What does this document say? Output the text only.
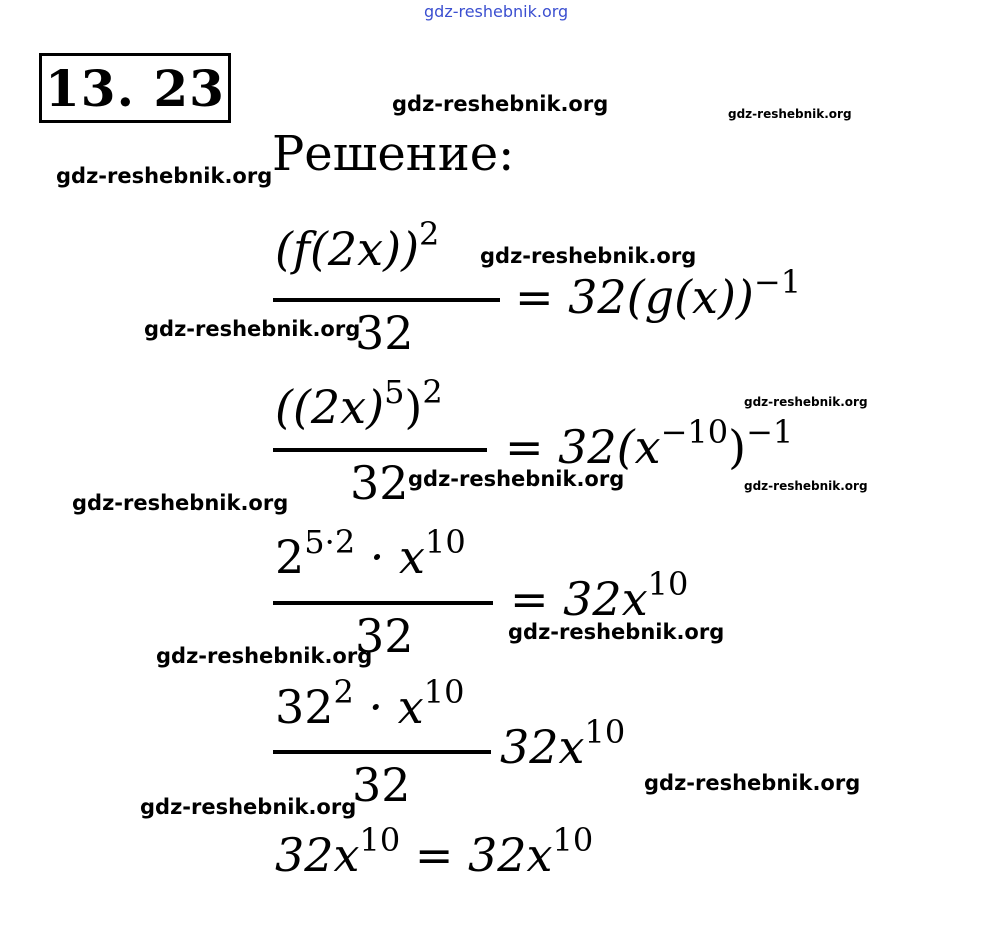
gdz-reshebnik.org
gdz-reshebnik.org	gdz-reshebnik.org
gdz-reshebnik.org
gdz-reshebnik.org
gdz-reshebnik.org
gdz-reshebnik.org
gdz-reshebnik.org	gdz-reshebnik.org
gdz-reshebnik.org
gdz-reshebnik.org
gdz-reshebnik.org
gdz-reshebnik.org
gdz-reshebnik.org
13. 23
Решение:
$(f(2x))^2$
32
= $32(g(x))^{-1}$
$((2x)^5)^2$
32
= $32(x^{-10})^{-1}$
$2^{5\cdot 2} \cdot x^{10}$
32
= $32x^{10}$
$32^2 \cdot x^{10}$
32
$32x^{10}$
$32x^{10} = 32x^{10}$
